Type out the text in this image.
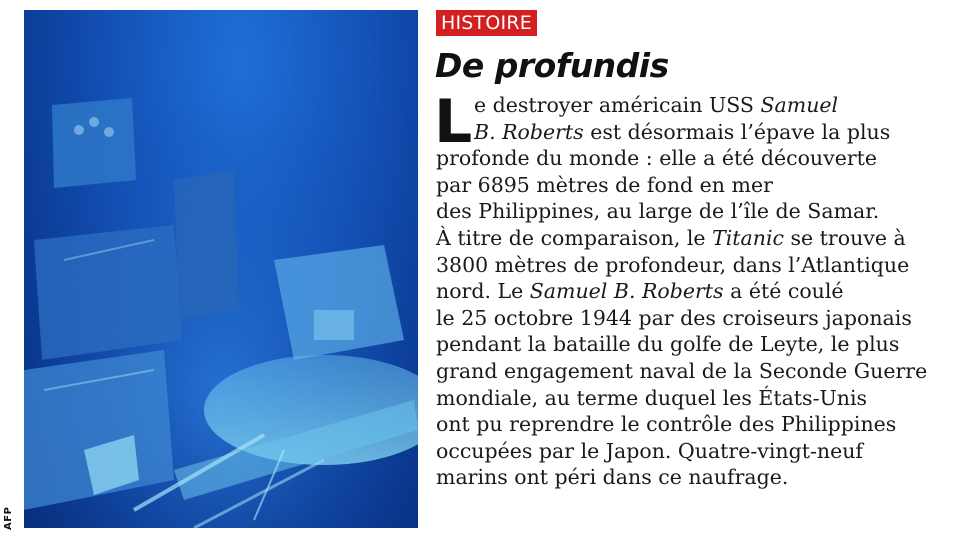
AFP
HISTOIRE
De profundis
L e destroyer américain USS Samuel
B. Roberts est désormais l’épave la plus
profonde du monde : elle a été découverte
par 6895 mètres de fond en mer
des Philippines, au large de l’île de Samar.
À titre de comparaison, le Titanic se trouve à
3800 mètres de profondeur, dans l’Atlantique
nord. Le Samuel B. Roberts a été coulé
le 25 octobre 1944 par des croiseurs japonais
pendant la bataille du golfe de Leyte, le plus
grand engagement naval de la Seconde Guerre
mondiale, au terme duquel les États-Unis
ont pu reprendre le contrôle des Philippines
occupées par le Japon. Quatre-vingt-neuf
marins ont péri dans ce naufrage.
